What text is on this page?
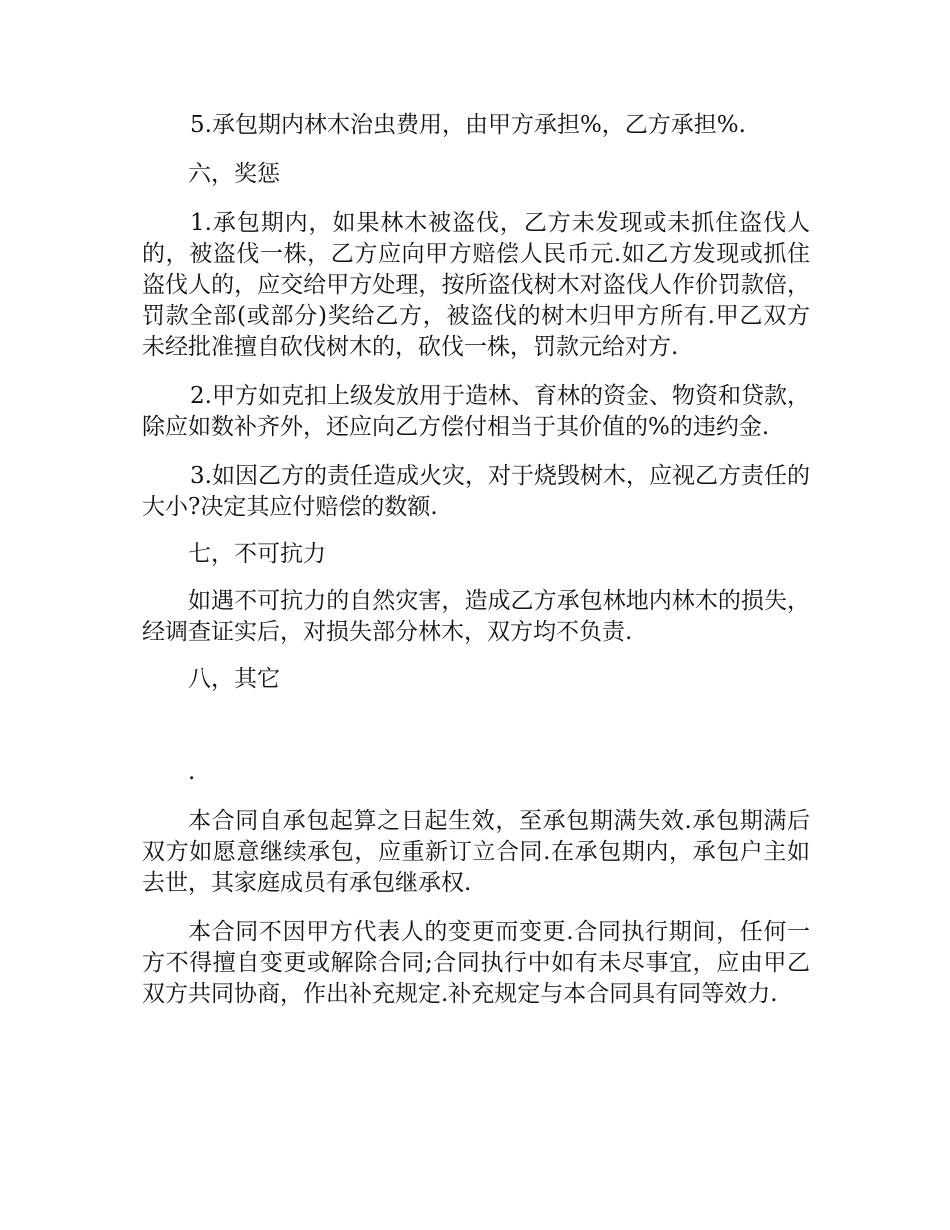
5.承包期内林木治虫费用，由甲方承担%，乙方承担%.

六，奖惩

1.承包期内，如果林木被盗伐，乙方未发现或未抓住盗伐人的，被盗伐一株，乙方应向甲方赔偿人民币元.如乙方发现或抓住盗伐人的，应交给甲方处理，按所盗伐树木对盗伐人作价罚款倍，罚款全部(或部分)奖给乙方，被盗伐的树木归甲方所有.甲乙双方未经批准擅自砍伐树木的，砍伐一株，罚款元给对方.

2.甲方如克扣上级发放用于造林、育林的资金、物资和贷款，除应如数补齐外，还应向乙方偿付相当于其价值的%的违约金.

3.如因乙方的责任造成火灾，对于烧毁树木，应视乙方责任的大小?决定其应付赔偿的数额.

七，不可抗力

如遇不可抗力的自然灾害，造成乙方承包林地内林木的损失，经调查证实后，对损失部分林木，双方均不负责.

八，其它

.

本合同自承包起算之日起生效，至承包期满失效.承包期满后双方如愿意继续承包，应重新订立合同.在承包期内，承包户主如去世，其家庭成员有承包继承权.

本合同不因甲方代表人的变更而变更.合同执行期间，任何一方不得擅自变更或解除合同;合同执行中如有未尽事宜，应由甲乙双方共同协商，作出补充规定.补充规定与本合同具有同等效力.
